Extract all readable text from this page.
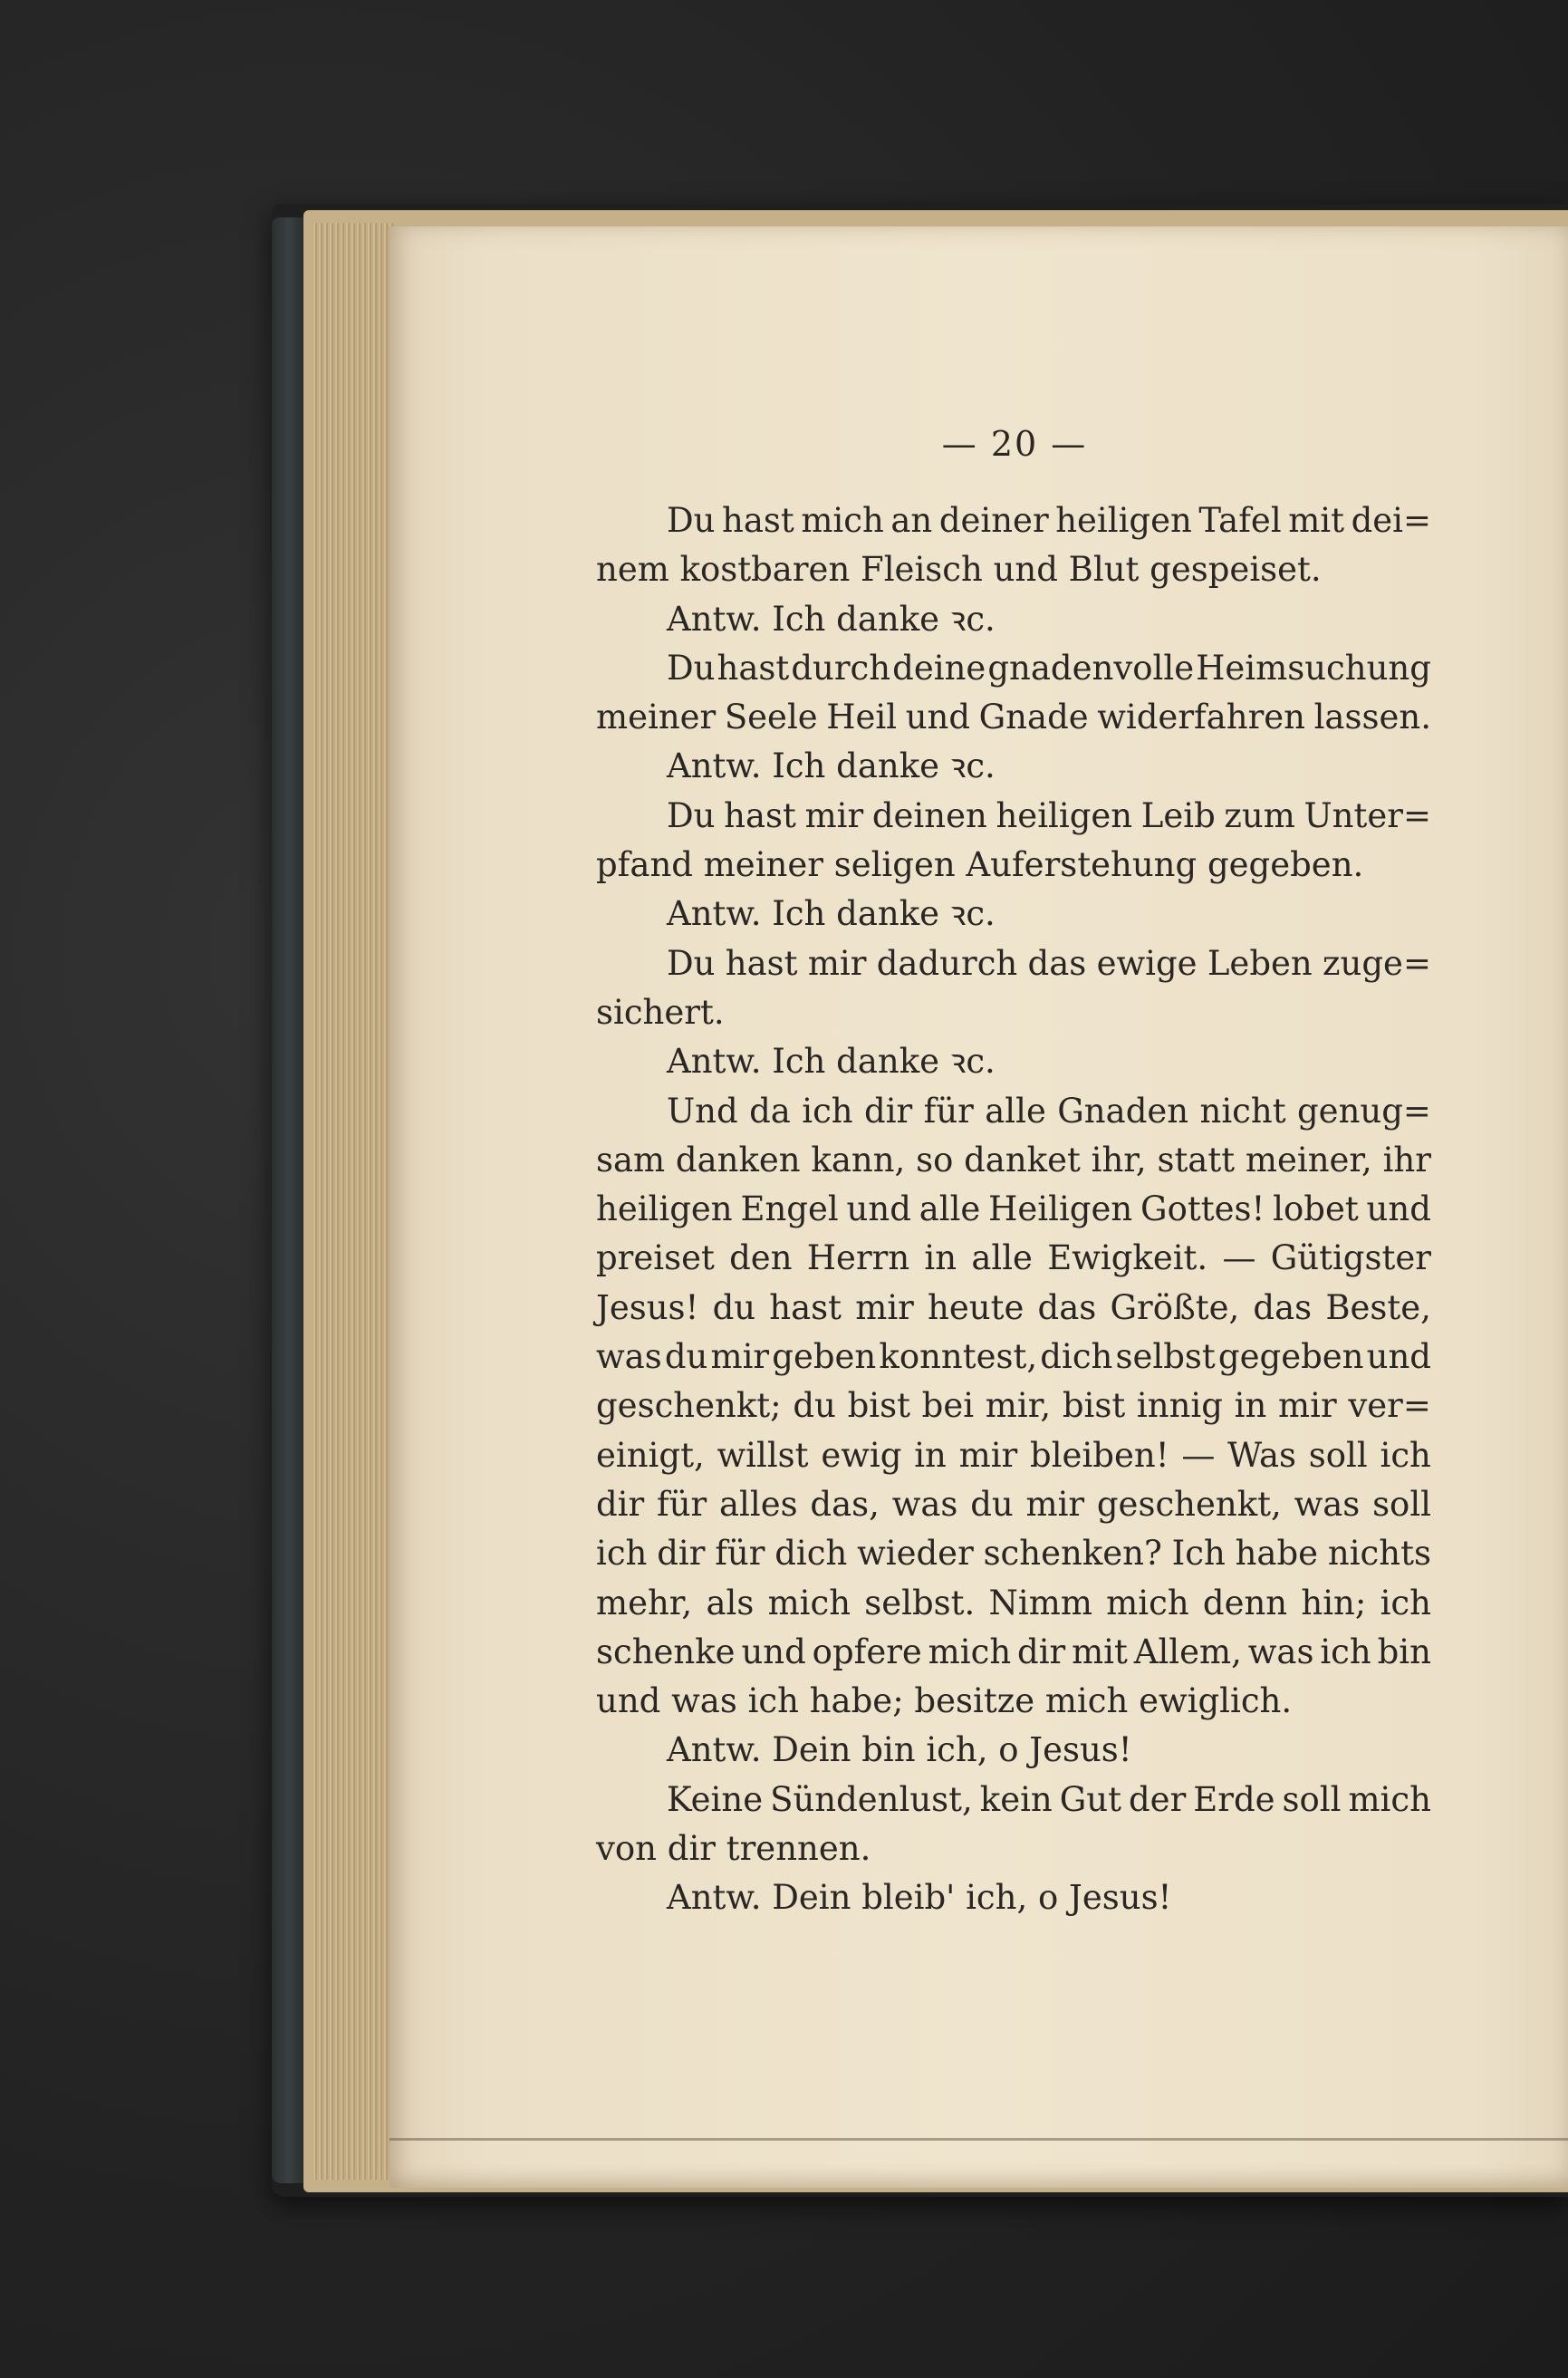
— 20 —
Du hast mich an deiner heiligen Tafel mit dei=
nem kostbaren Fleisch und Blut gespeiset.
Antw. Ich danke ꝛc.
Du hast durch deine gnadenvolle Heimsuchung
meiner Seele Heil und Gnade widerfahren lassen.
Antw. Ich danke ꝛc.
Du hast mir deinen heiligen Leib zum Unter=
pfand meiner seligen Auferstehung gegeben.
Antw. Ich danke ꝛc.
Du hast mir dadurch das ewige Leben zuge=
sichert.
Antw. Ich danke ꝛc.
Und da ich dir für alle Gnaden nicht genug=
sam danken kann, so danket ihr, statt meiner, ihr
heiligen Engel und alle Heiligen Gottes! lobet und
preiset den Herrn in alle Ewigkeit. — Gütigster
Jesus! du hast mir heute das Größte, das Beste,
was du mir geben konntest, dich selbst gegeben und
geschenkt; du bist bei mir, bist innig in mir ver=
einigt, willst ewig in mir bleiben! — Was soll ich
dir für alles das, was du mir geschenkt, was soll
ich dir für dich wieder schenken? Ich habe nichts
mehr, als mich selbst. Nimm mich denn hin; ich
schenke und opfere mich dir mit Allem, was ich bin
und was ich habe; besitze mich ewiglich.
Antw. Dein bin ich, o Jesus!
Keine Sündenlust, kein Gut der Erde soll mich
von dir trennen.
Antw. Dein bleib' ich, o Jesus!
